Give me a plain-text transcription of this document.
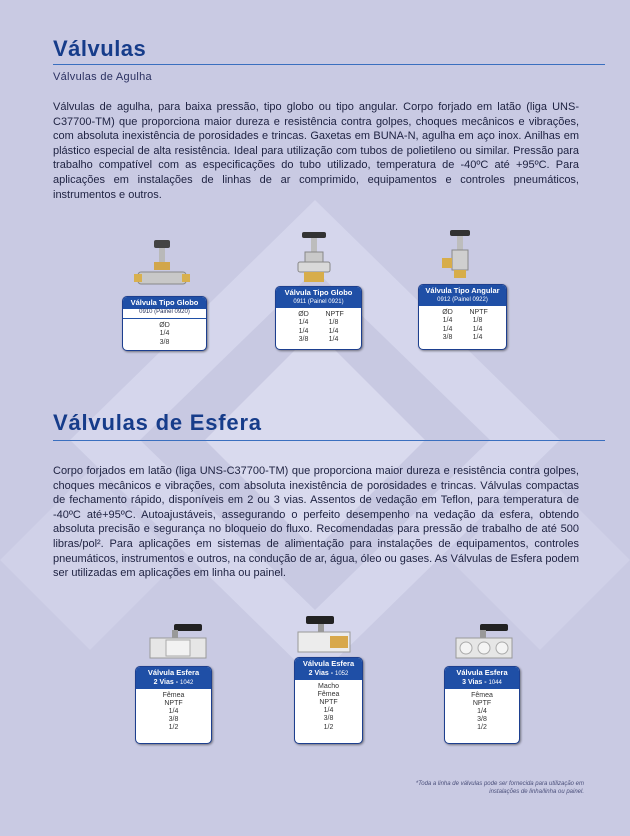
Válvulas
Válvulas de Agulha
Válvulas de agulha, para baixa pressão, tipo globo ou tipo angular. Corpo forjado em latão (liga UNS-C37700-TM) que proporciona maior dureza e resistência contra golpes, choques mecânicos e vibrações, com absoluta inexistência de porosidades e trincas. Gaxetas em BUNA-N, agulha em aço inox. Anilhas em plástico especial de alta resistência. Ideal para utilização com tubos de polietileno ou similar. Pressão para trabalho compatível com as especificações do tubo utilizado, temperatura de -40ºC até +95ºC. Para aplicações em instalações de linhas de ar comprimido, equipamentos e controles pneumáticos, instrumentos e outros.
Válvula Tipo Globo
0910 (Painel 0920)
ØD
1/4
3/8
Válvula Tipo Globo
0911 (Painel 0921)
ØD	NPTF
1/4	1/8
1/4	1/4
3/8	1/4
Válvula Tipo Angular
0912 (Painel 0922)
ØD	NPTF
1/4	1/8
1/4	1/4
3/8	1/4
Válvulas de Esfera
Corpo forjados em latão (liga UNS-C37700-TM) que proporciona maior dureza e resistência contra golpes, choques mecânicos e vibrações, com absoluta inexistência de porosidades e trincas. Válvulas compactas de fechamento rápido, disponíveis em 2 ou 3 vias. Assentos de vedação em Teflon, para temperatura de -40ºC até+95ºC. Autoajustáveis, assegurando o perfeito desempenho na vedação da esfera, obtendo absoluta precisão e segurança no bloqueio do fluxo. Recomendadas para pressão de trabalho de até 500 libras/pol². Para aplicações em sistemas de alimentação para instalações de equipamentos, controles pneumáticos, instrumentos e outros, na condução de ar, água, óleo ou gases. As Válvulas de Esfera podem ser utilizadas em aplicações em linha ou painel.
Válvula Esfera
2 Vias - 1042
Fêmea
NPTF
1/4
3/8
1/2
Válvula Esfera
2 Vias - 1052
Macho
Fêmea
NPTF
1/4
3/8
1/2
Válvula Esfera
3 Vias - 1044
Fêmea
NPTF
1/4
3/8
1/2
*Toda a linha de válvulas pode ser fornecida para utilização em instalações de linha/linha ou painel.
